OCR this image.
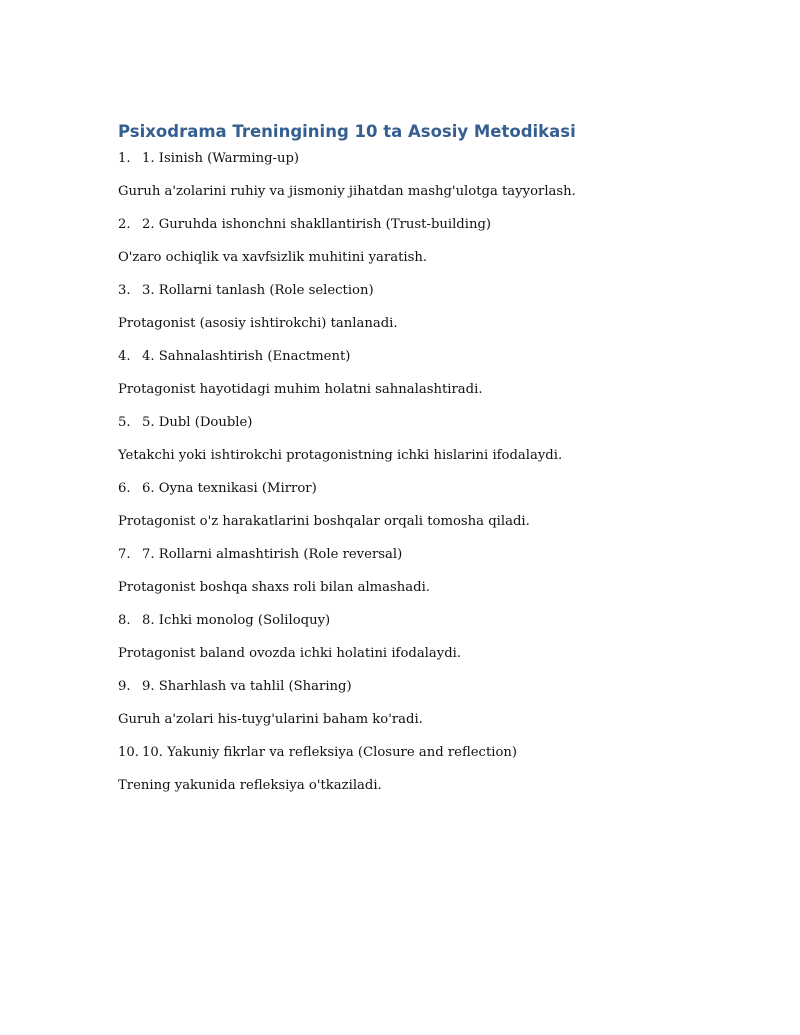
Psixodrama Treningining 10 ta Asosiy Metodikasi

1. 1. Isinish (Warming-up)

Guruh a'zolarini ruhiy va jismoniy jihatdan mashg'ulotga tayyorlash.

2. 2. Guruhda ishonchni shakllantirish (Trust-building)

O'zaro ochiqlik va xavfsizlik muhitini yaratish.

3. 3. Rollarni tanlash (Role selection)

Protagonist (asosiy ishtirokchi) tanlanadi.

4. 4. Sahnalashtirish (Enactment)

Protagonist hayotidagi muhim holatni sahnalashtiradi.

5. 5. Dubl (Double)

Yetakchi yoki ishtirokchi protagonistning ichki hislarini ifodalaydi.

6. 6. Oyna texnikasi (Mirror)

Protagonist o'z harakatlarini boshqalar orqali tomosha qiladi.

7. 7. Rollarni almashtirish (Role reversal)

Protagonist boshqa shaxs roli bilan almashadi.

8. 8. Ichki monolog (Soliloquy)

Protagonist baland ovozda ichki holatini ifodalaydi.

9. 9. Sharhlash va tahlil (Sharing)

Guruh a'zolari his-tuyg'ularini baham ko'radi.

10. 10. Yakuniy fikrlar va refleksiya (Closure and reflection)

Trening yakunida refleksiya o'tkaziladi.
